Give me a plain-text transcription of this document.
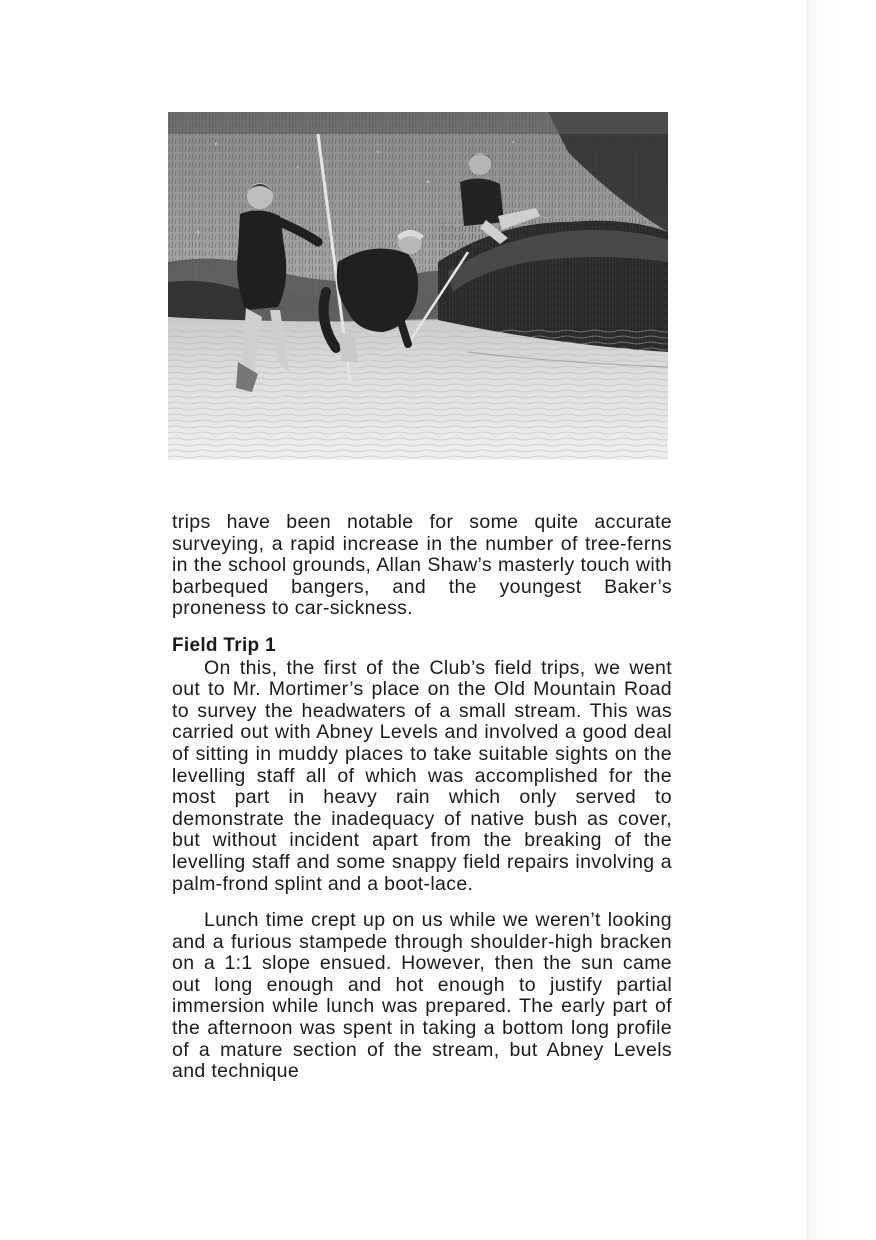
trips have been notable for some quite accurate surveying, a rapid increase in the number of tree-ferns in the school grounds, Allan Shaw’s masterly touch with barbequed bangers, and the youngest Baker’s proneness to car-sickness.

Field Trip 1

On this, the first of the Club’s field trips, we went out to Mr. Mortimer’s place on the Old Mountain Road to survey the headwaters of a small stream. This was carried out with Abney Levels and involved a good deal of sitting in muddy places to take suitable sights on the levelling staff all of which was accomplished for the most part in heavy rain which only served to demonstrate the inadequacy of native bush as cover, but without incident apart from the breaking of the levelling staff and some snappy field repairs involving a palm-frond splint and a boot-lace.

Lunch time crept up on us while we weren’t looking and a furious stampede through shoulder-high bracken on a 1:1 slope ensued. However, then the sun came out long enough and hot enough to justify partial immersion while lunch was prepared. The early part of the afternoon was spent in taking a bottom long profile of a mature section of the stream, but Abney Levels and technique
